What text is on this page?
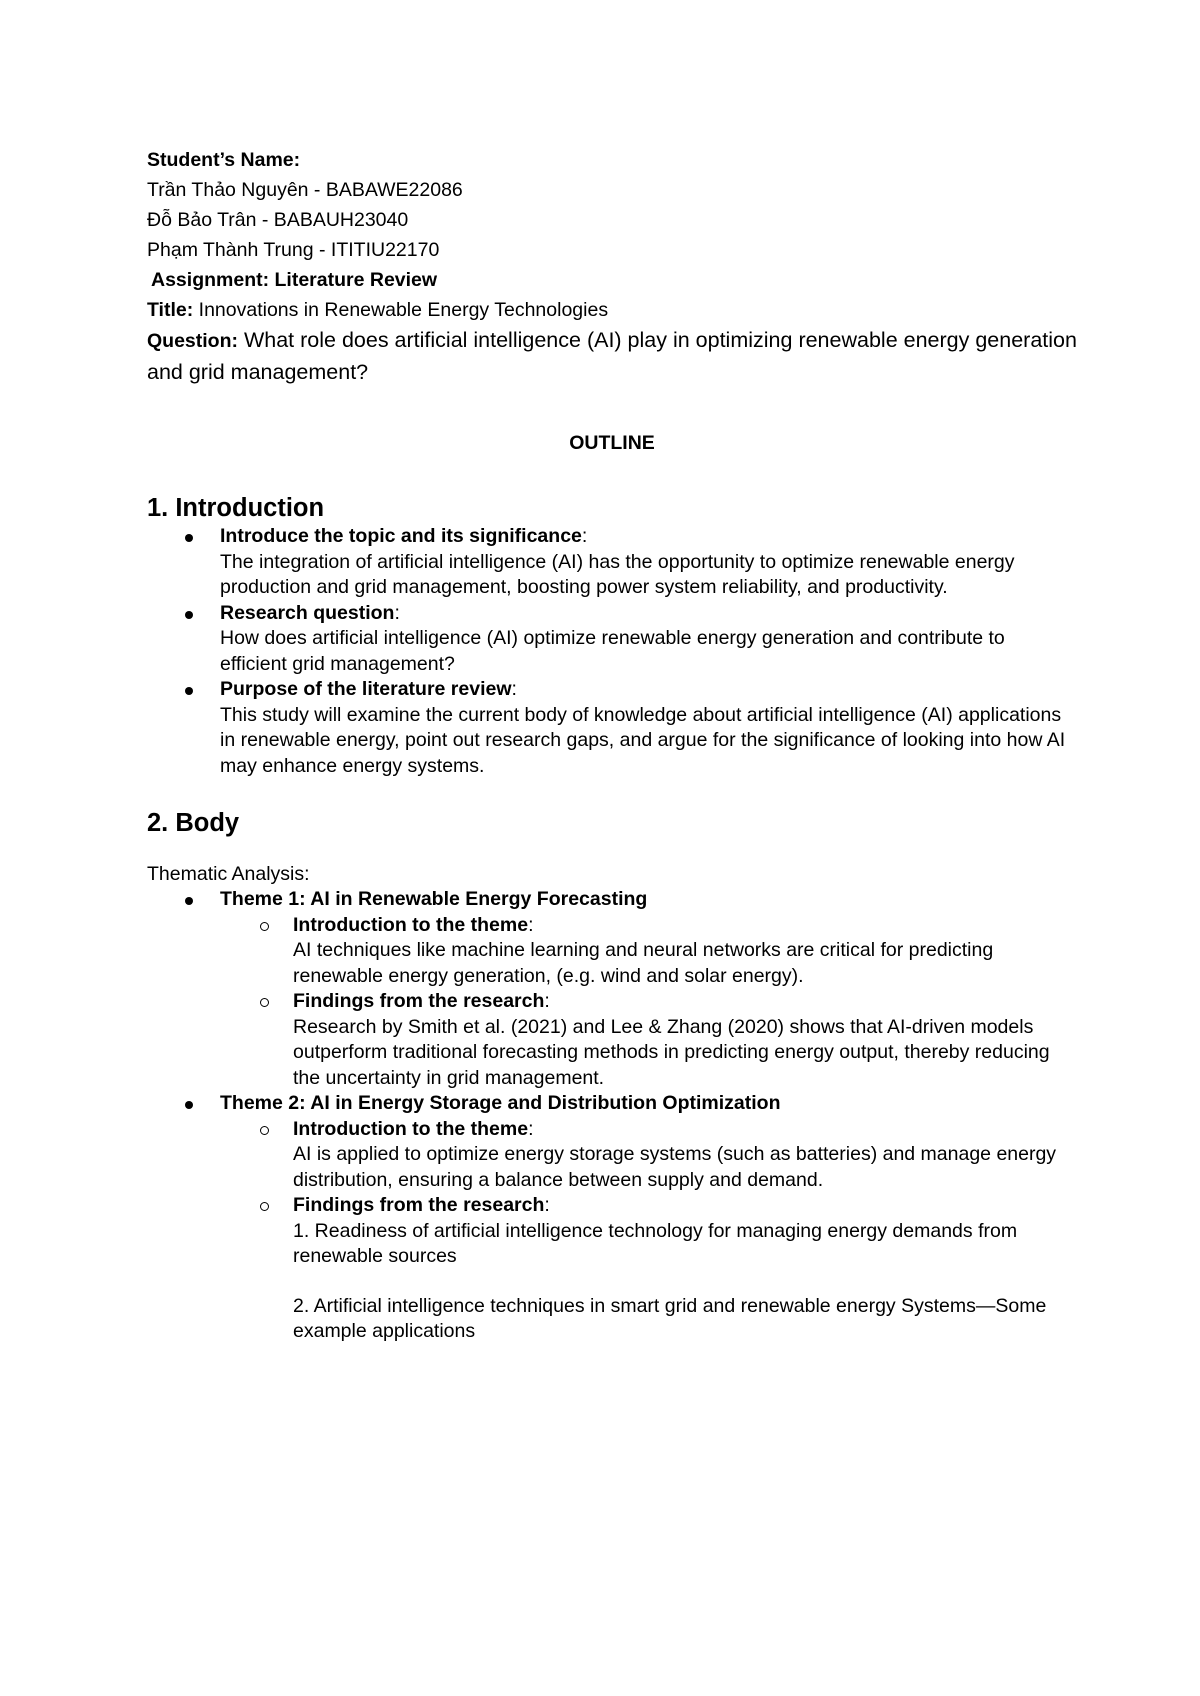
Student’s Name:

Trần Thảo Nguyên - BABAWE22086

Đỗ Bảo Trân - BABAUH23040

Phạm Thành Trung - ITITIU22170

Assignment: Literature Review

Title: Innovations in Renewable Energy Technologies

Question: What role does artificial intelligence (AI) play in optimizing renewable energy generation and grid management?

OUTLINE

1. Introduction
Introduce the topic and its significance:
The integration of artificial intelligence (AI) has the opportunity to optimize renewable energy production and grid management, boosting power system reliability, and productivity.
Research question:
How does artificial intelligence (AI) optimize renewable energy generation and contribute to efficient grid management?
Purpose of the literature review:
This study will examine the current body of knowledge about artificial intelligence (AI) applications in renewable energy, point out research gaps, and argue for the significance of looking into how AI may enhance energy systems.
2. Body

Thematic Analysis:

Theme 1: AI in Renewable Energy Forecasting
Introduction to the theme:
AI techniques like machine learning and neural networks are critical for predicting renewable energy generation, (e.g. wind and solar energy).
Findings from the research:
Research by Smith et al. (2021) and Lee & Zhang (2020) shows that AI-driven models outperform traditional forecasting methods in predicting energy output, thereby reducing the uncertainty in grid management.
Theme 2: AI in Energy Storage and Distribution Optimization
Introduction to the theme:
AI is applied to optimize energy storage systems (such as batteries) and manage energy distribution, ensuring a balance between supply and demand.
Findings from the research:
1. Readiness of artificial intelligence technology for managing energy demands from renewable sources
2. Artificial intelligence techniques in smart grid and renewable energy Systems—Some example applications
